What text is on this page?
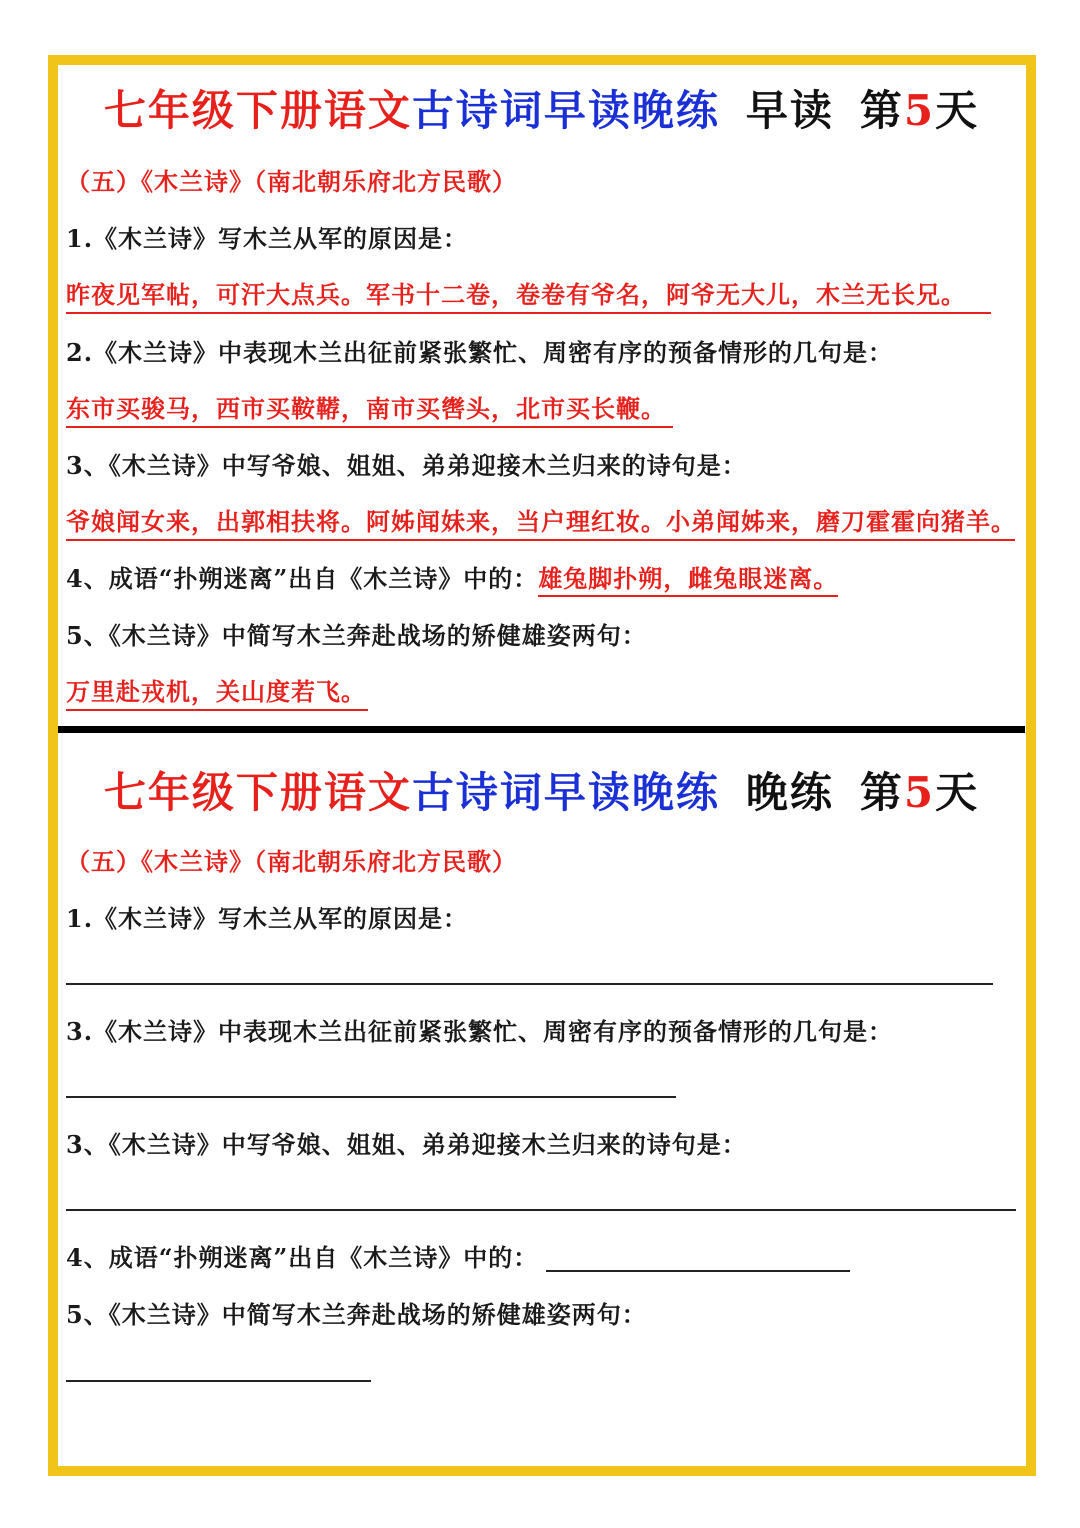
七年级下册语文古诗词早读晚练 早读 第5天
（五）《木兰诗》（南北朝乐府北方民歌）
1.《木兰诗》写木兰从军的原因是：
昨夜见军帖，可汗大点兵。军书十二卷，卷卷有爷名，阿爷无大儿，木兰无长兄。
2.《木兰诗》中表现木兰出征前紧张繁忙、周密有序的预备情形的几句是：
东市买骏马，西市买鞍鞯，南市买辔头，北市买长鞭。
3、《木兰诗》中写爷娘、姐姐、弟弟迎接木兰归来的诗句是：
爷娘闻女来，出郭相扶将。阿姊闻妹来，当户理红妆。小弟闻姊来，磨刀霍霍向猪羊。
4、成语“扑朔迷离”出自《木兰诗》中的：雄兔脚扑朔，雌兔眼迷离。
5、《木兰诗》中简写木兰奔赴战场的矫健雄姿两句：
万里赴戎机，关山度若飞。
七年级下册语文古诗词早读晚练 晚练 第5天
（五）《木兰诗》（南北朝乐府北方民歌）
1.《木兰诗》写木兰从军的原因是：
3.《木兰诗》中表现木兰出征前紧张繁忙、周密有序的预备情形的几句是：
3、《木兰诗》中写爷娘、姐姐、弟弟迎接木兰归来的诗句是：
4、成语“扑朔迷离”出自《木兰诗》中的：
5、《木兰诗》中简写木兰奔赴战场的矫健雄姿两句：
